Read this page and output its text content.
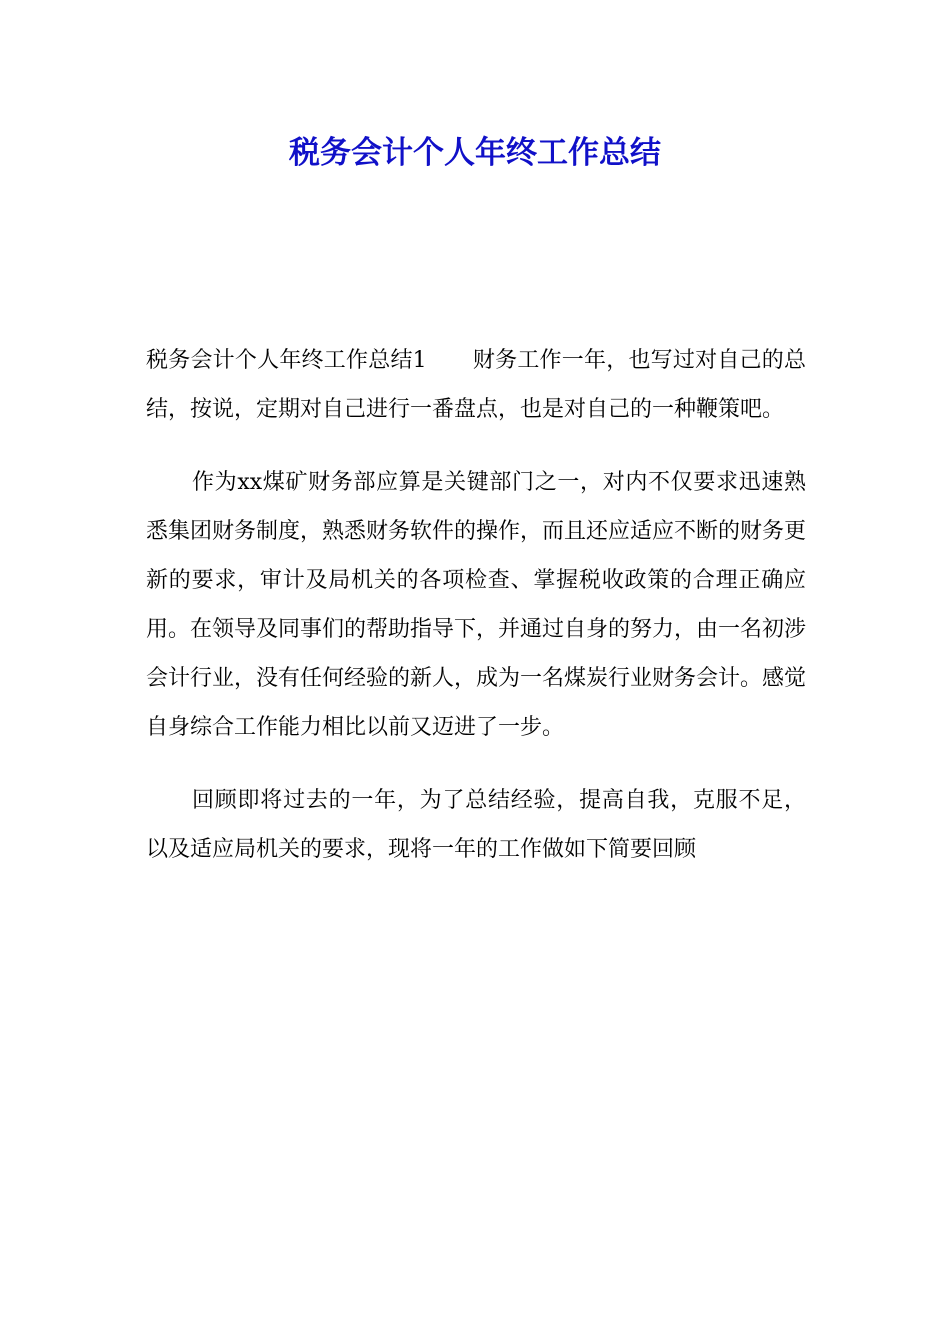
税务会计个人年终工作总结

税务会计个人年终工作总结1 财务工作一年，也写过对自己的总结，按说，定期对自己进行一番盘点，也是对自己的一种鞭策吧。

作为xx煤矿财务部应算是关键部门之一，对内不仅要求迅速熟悉集团财务制度，熟悉财务软件的操作，而且还应适应不断的财务更新的要求，审计及局机关的各项检查、掌握税收政策的合理正确应用。在领导及同事们的帮助指导下，并通过自身的努力，由一名初涉会计行业，没有任何经验的新人，成为一名煤炭行业财务会计。感觉自身综合工作能力相比以前又迈进了一步。

回顾即将过去的一年，为了总结经验，提高自我，克服不足，以及适应局机关的要求，现将一年的工作做如下简要回顾
